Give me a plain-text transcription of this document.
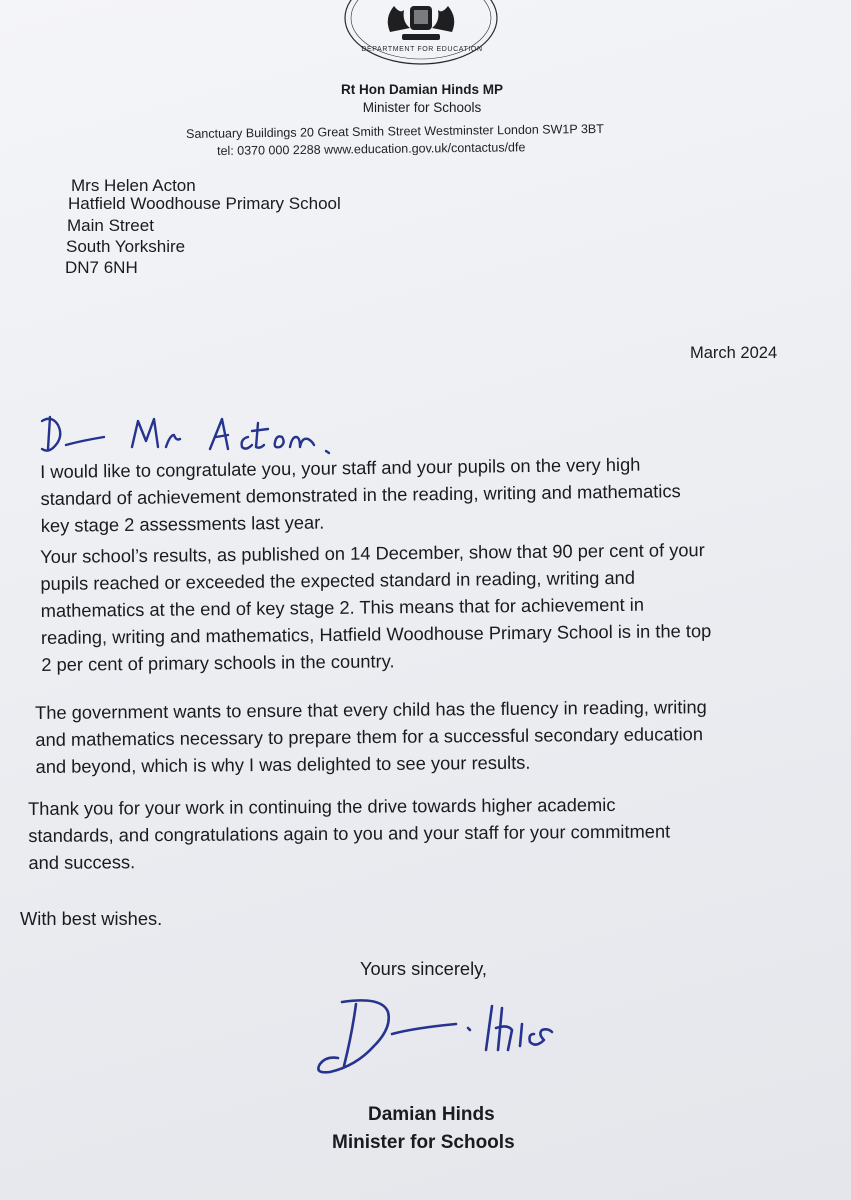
DEPARTMENT FOR EDUCATION
Rt Hon Damian Hinds MP
Minister for Schools
Sanctuary Buildings 20 Great Smith Street Westminster London SW1P 3BT
tel: 0370 000 2288 www.education.gov.uk/contactus/dfe
Mrs Helen Acton
Hatfield Woodhouse Primary School
Main Street
South Yorkshire
DN7 6NH
March 2024
I would like to congratulate you, your staff and your pupils on the very high
standard of achievement demonstrated in the reading, writing and mathematics
key stage 2 assessments last year.
Your school’s results, as published on 14 December, show that 90 per cent of your
pupils reached or exceeded the expected standard in reading, writing and
mathematics at the end of key stage 2. This means that for achievement in
reading, writing and mathematics, Hatfield Woodhouse Primary School is in the top
2 per cent of primary schools in the country.
The government wants to ensure that every child has the fluency in reading, writing
and mathematics necessary to prepare them for a successful secondary education
and beyond, which is why I was delighted to see your results.
Thank you for your work in continuing the drive towards higher academic
standards, and congratulations again to you and your staff for your commitment
and success.
With best wishes.
Yours sincerely,
Damian Hinds
Minister for Schools
